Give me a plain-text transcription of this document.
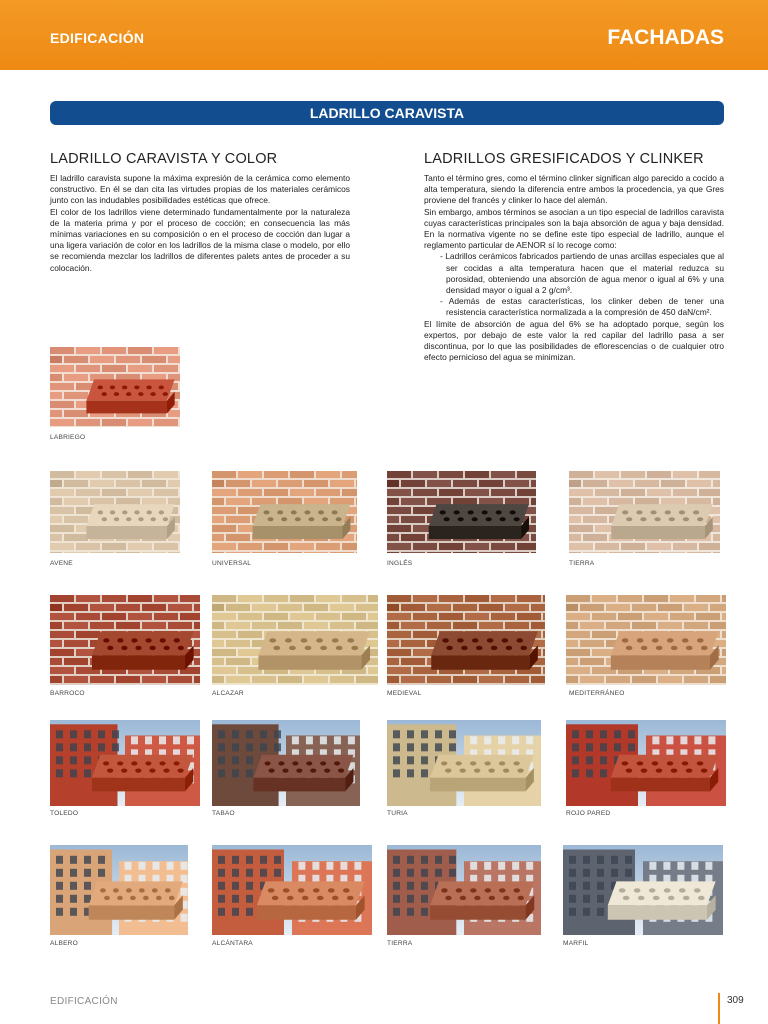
EDIFICACIÓN	FACHADAS
LADRILLO CARAVISTA
LADRILLO CARAVISTA Y COLOR

El ladrillo caravista supone la máxima expresión de la cerámica como elemento constructivo. En él se dan cita las virtudes propias de los materiales cerámicos junto con las indudables posibilidades estéticas que ofrece.

El color de los ladrillos viene determinado fundamentalmente por la naturaleza de la materia prima y por el proceso de cocción; en consecuencia las más mínimas variaciones en su composición o en el proceso de cocción dan lugar a una ligera variación de color en los ladrillos de la misma clase o modelo, por ello se recomienda mezclar los ladrillos de diferentes palets antes de proceder a su colocación.

LADRILLOS GRESIFICADOS Y CLINKER

Tanto el término gres, como el término clinker significan algo parecido a cocido a alta temperatura, siendo la diferencia entre ambos la procedencia, ya que Gres proviene del francés y clinker lo hace del alemán.

Sin embargo, ambos términos se asocian a un tipo especial de ladrillos caravista cuyas características principales son la baja absorción de agua y baja densidad. En la normativa vigente no se define este tipo especial de ladrillo, aunque el reglamento particular de AENOR sí lo recoge como:

- Ladrillos cerámicos fabricados partiendo de unas arcillas especiales que al ser cocidas a alta temperatura hacen que el material reduzca su porosidad, obteniendo una absorción de agua menor o igual al 6% y una densidad mayor o igual a 2 g/cm³.

- Además de estas características, los clinker deben de tener una resistencia característica normalizada a la compresión de 450 daN/cm².

El límite de absorción de agua del 6% se ha adoptado porque, según los expertos, por debajo de este valor la red capilar del ladrillo pasa a ser discontinua, por lo que las posibilidades de eflorescencias o de cualquier otro efecto pernicioso del agua se minimizan.

LABRIEGO
AVENE	UNIVERSAL	INGLÉS	TIERRA
BARROCO	ALCAZAR	MEDIEVAL	MEDITERRÁNEO
TOLEDO	TABAO	TURIA	ROJO PARED
ALBERO	ALCÁNTARA	TIERRA	MARFIL
EDIFICACIÓN	309
